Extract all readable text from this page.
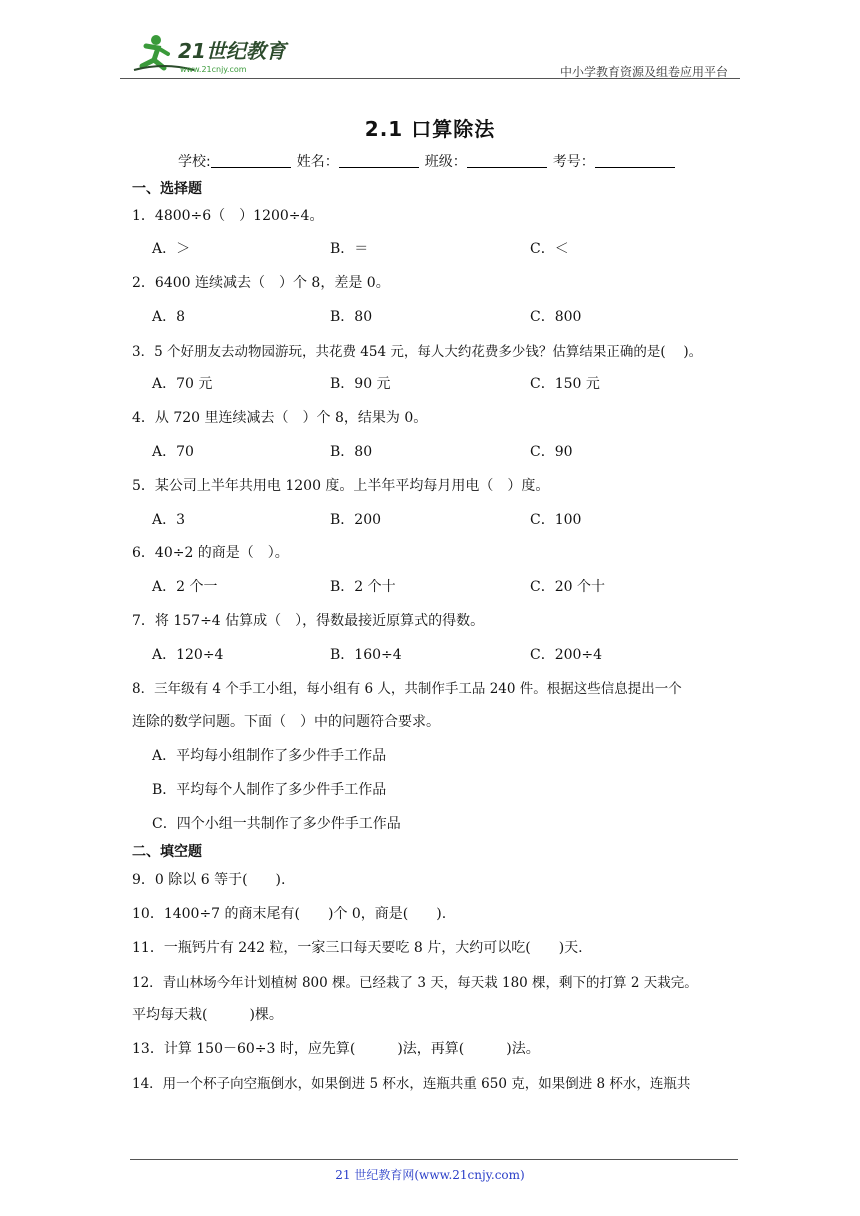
21世纪教育
www.21cnjy.com	中小学教育资源及组卷应用平台
2.1 口算除法
学校:	姓名：	班级：	考号：
一、选择题
1．4800÷6（　）1200÷4。
A．＞	B．＝	C．＜
2．6400 连续减去（　）个 8，差是 0。
A．8	B．80	C．800
3．5 个好朋友去动物园游玩，共花费 454 元，每人大约花费多少钱？估算结果正确的是(　 )。
A．70 元	B．90 元	C．150 元
4．从 720 里连续减去（　）个 8，结果为 0。
A．70	B．80	C．90
5．某公司上半年共用电 1200 度。上半年平均每月用电（　）度。
A．3	B．200	C．100
6．40÷2 的商是（　）。
A．2 个一	B．2 个十	C．20 个十
7．将 157÷4 估算成（　），得数最接近原算式的得数。
A．120÷4	B．160÷4	C．200÷4
8．三年级有 4 个手工小组，每小组有 6 人，共制作手工品 240 件。根据这些信息提出一个
连除的数学问题。下面（　）中的问题符合要求。
A．平均每小组制作了多少件手工作品
B．平均每个人制作了多少件手工作品
C．四个小组一共制作了多少件手工作品
二、填空题
9．0 除以 6 等于(　　).
10．1400÷7 的商末尾有(　　)个 0，商是(　　).
11．一瓶钙片有 242 粒，一家三口每天要吃 8 片，大约可以吃(　　)天.
12．青山林场今年计划植树 800 棵。已经栽了 3 天，每天栽 180 棵，剩下的打算 2 天栽完。
平均每天栽(　　　)棵。
13．计算 150－60÷3 时，应先算(　　　)法，再算(　　　)法。
14．用一个杯子向空瓶倒水，如果倒进 5 杯水，连瓶共重 650 克，如果倒进 8 杯水，连瓶共
21 世纪教育网(www.21cnjy.com)
